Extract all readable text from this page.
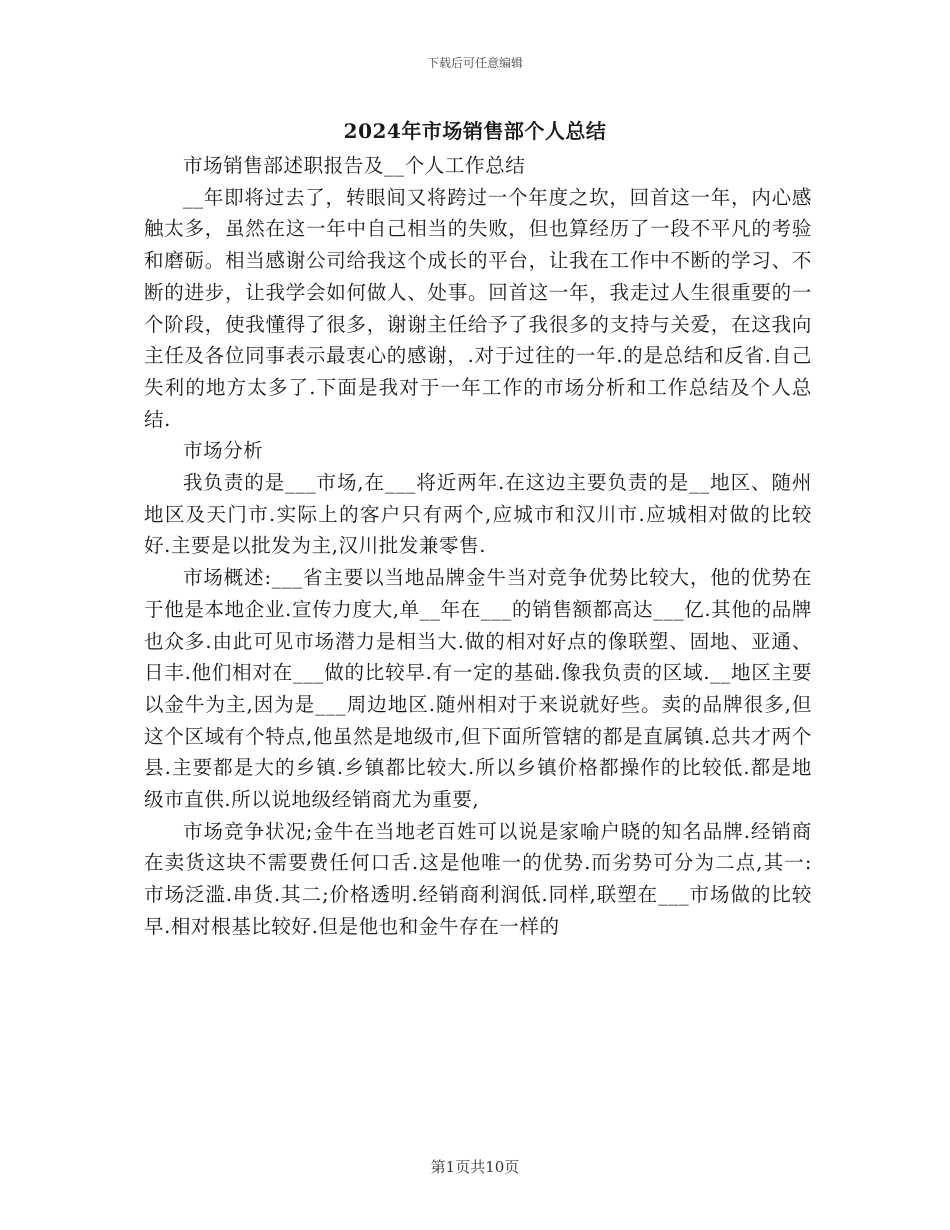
下载后可任意编辑
2024年市场销售部个人总结

市场销售部述职报告及__个人工作总结

__年即将过去了，转眼间又将跨过一个年度之坎，回首这一年，内心感触太多，虽然在这一年中自己相当的失败，但也算经历了一段不平凡的考验和磨砺。相当感谢公司给我这个成长的平台，让我在工作中不断的学习、不断的进步，让我学会如何做人、处事。回首这一年，我走过人生很重要的一个阶段，使我懂得了很多，谢谢主任给予了我很多的支持与关爱，在这我向主任及各位同事表示最衷心的感谢，.对于过往的一年.的是总结和反省.自己失利的地方太多了.下面是我对于一年工作的市场分析和工作总结及个人总结.

市场分析

我负责的是___市场,在___将近两年.在这边主要负责的是__地区、随州地区及天门市.实际上的客户只有两个,应城市和汉川市.应城相对做的比较好.主要是以批发为主,汉川批发兼零售.

市场概述:___省主要以当地品牌金牛当对竞争优势比较大，他的优势在于他是本地企业.宣传力度大,单__年在___的销售额都高达___亿.其他的品牌也众多.由此可见市场潜力是相当大.做的相对好点的像联塑、固地、亚通、日丰.他们相对在___做的比较早.有一定的基础.像我负责的区域.__地区主要以金牛为主,因为是___周边地区.随州相对于来说就好些。卖的品牌很多,但这个区域有个特点,他虽然是地级市,但下面所管辖的都是直属镇.总共才两个县.主要都是大的乡镇.乡镇都比较大.所以乡镇价格都操作的比较低.都是地级市直供.所以说地级经销商尤为重要,

市场竞争状况;金牛在当地老百姓可以说是家喻户晓的知名品牌.经销商在卖货这块不需要费任何口舌.这是他唯一的优势.而劣势可分为二点,其一:市场泛滥.串货.其二;价格透明.经销商利润低.同样,联塑在___市场做的比较早.相对根基比较好.但是他也和金牛存在一样的

第1页共10页
